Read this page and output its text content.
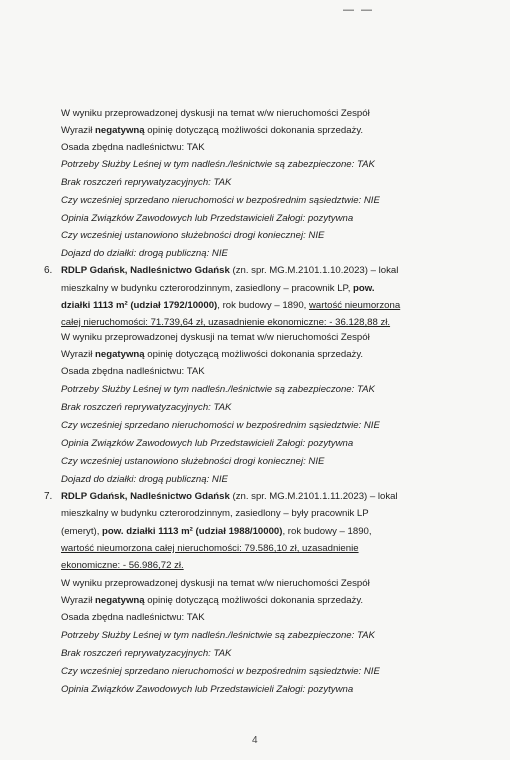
— —
W wyniku przeprowadzonej dyskusji na temat w/w nieruchomości Zespół
Wyraził negatywną opinię dotyczącą możliwości dokonania sprzedaży.
Osada zbędna nadleśnictwu: TAK
Potrzeby Służby Leśnej w tym nadleśn./leśnictwie są zabezpieczone: TAK
Brak roszczeń reprywatyzacyjnych: TAK
Czy wcześniej sprzedano nieruchomości w bezpośrednim sąsiedztwie: NIE
Opinia Związków Zawodowych lub Przedstawicieli Załogi: pozytywna
Czy wcześniej ustanowiono służebności drogi koniecznej: NIE
Dojazd do działki: drogą publiczną: NIE
6. RDLP Gdańsk, Nadleśnictwo Gdańsk (zn. spr. MG.M.2101.1.10.2023) – lokal
mieszkalny w budynku czterorodzinnym, zasiedlony – pracownik LP, pow.
działki 1113 m² (udział 1792/10000), rok budowy – 1890, wartość nieumorzona
całej nieruchomości: 71.739,64 zł, uzasadnienie ekonomiczne: - 36.128,88 zł.
W wyniku przeprowadzonej dyskusji na temat w/w nieruchomości Zespół
Wyraził negatywną opinię dotyczącą możliwości dokonania sprzedaży.
Osada zbędna nadleśnictwu: TAK
Potrzeby Służby Leśnej w tym nadleśn./leśnictwie są zabezpieczone: TAK
Brak roszczeń reprywatyzacyjnych: TAK
Czy wcześniej sprzedano nieruchomości w bezpośrednim sąsiedztwie: NIE
Opinia Związków Zawodowych lub Przedstawicieli Załogi: pozytywna
Czy wcześniej ustanowiono służebności drogi koniecznej: NIE
Dojazd do działki: drogą publiczną: NIE
7. RDLP Gdańsk, Nadleśnictwo Gdańsk (zn. spr. MG.M.2101.1.11.2023) – lokal
mieszkalny w budynku czterorodzinnym, zasiedlony – były pracownik LP
(emeryt), pow. działki 1113 m² (udział 1988/10000), rok budowy – 1890,
wartość nieumorzona całej nieruchomości: 79.586,10 zł, uzasadnienie
ekonomiczne: - 56.986,72 zł.
W wyniku przeprowadzonej dyskusji na temat w/w nieruchomości Zespół
Wyraził negatywną opinię dotyczącą możliwości dokonania sprzedaży.
Osada zbędna nadleśnictwu: TAK
Potrzeby Służby Leśnej w tym nadleśn./leśnictwie są zabezpieczone: TAK
Brak roszczeń reprywatyzacyjnych: TAK
Czy wcześniej sprzedano nieruchomości w bezpośrednim sąsiedztwie: NIE
Opinia Związków Zawodowych lub Przedstawicieli Załogi: pozytywna
4
